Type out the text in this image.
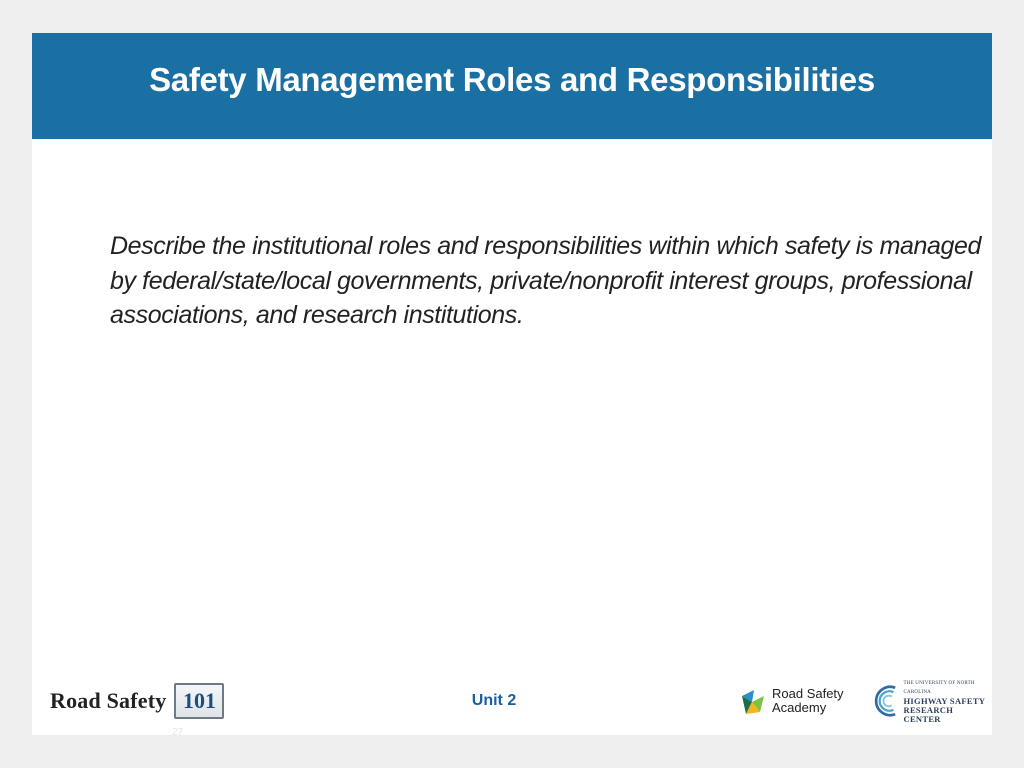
Safety Management Roles and Responsibilities
Describe the institutional roles and responsibilities within which safety is managed by federal/state/local governments, private/nonprofit interest groups, professional associations, and research institutions.
Road Safety 101	Unit 2	Road Safety
Academy
THE UNIVERSITY OF NORTH CAROLINA
HIGHWAY SAFETY
RESEARCH CENTER
27
